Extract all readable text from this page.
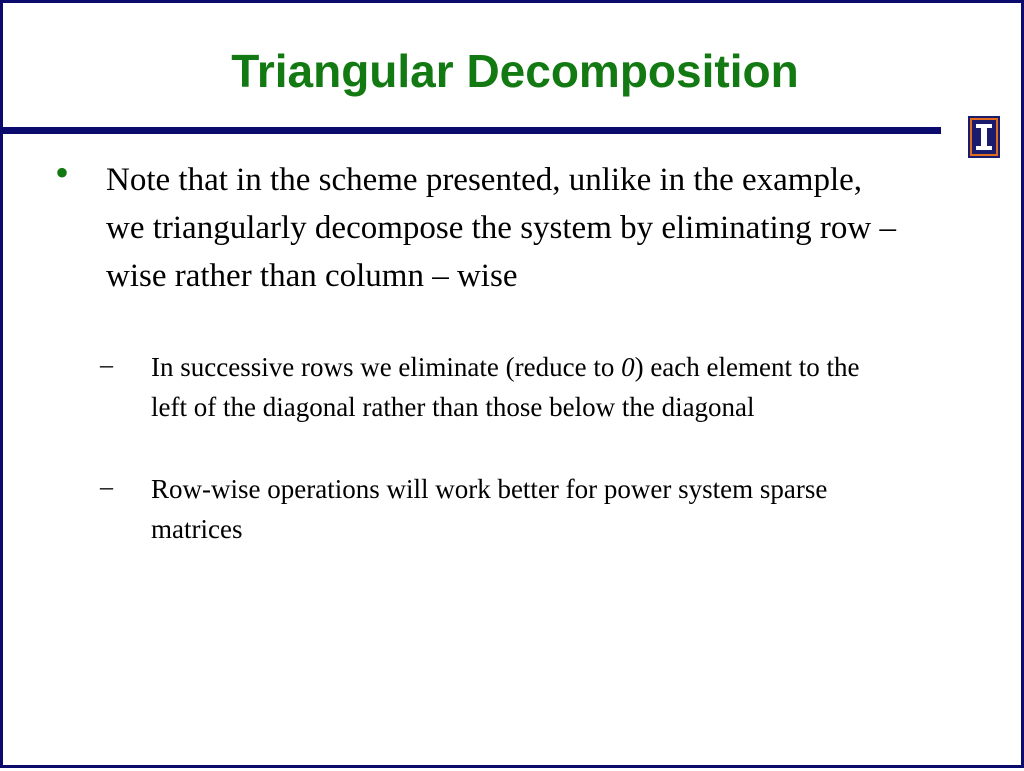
Triangular Decomposition
• Note that in the scheme presented, unlike in the example, we triangularly decompose the system by eliminating row – wise rather than column – wise
– In successive rows we eliminate (reduce to 0) each element to the left of the diagonal rather than those below the diagonal
– Row-wise operations will work better for power system sparse matrices
